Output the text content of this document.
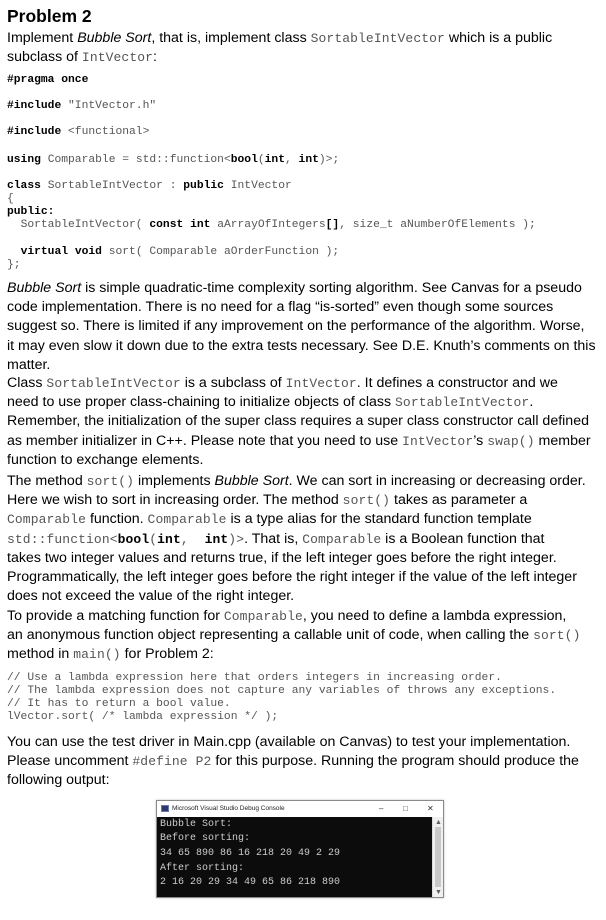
Problem 2
Implement Bubble Sort, that is, implement class SortableIntVector which is a public
subclass of IntVector:
#pragma once
#include "IntVector.h"
#include <functional>
using Comparable = std::function<bool(int, int)>;
class SortableIntVector : public IntVector
{
public:
SortableIntVector( const int aArrayOfIntegers[], size_t aNumberOfElements );
virtual void sort( Comparable aOrderFunction );
};
Bubble Sort is simple quadratic-time complexity sorting algorithm. See Canvas for a pseudo
code implementation. There is no need for a flag “is-sorted” even though some sources
suggest so. There is limited if any improvement on the performance of the algorithm. Worse,
it may even slow it down due to the extra tests necessary. See D.E. Knuth’s comments on this
matter.
Class SortableIntVector is a subclass of IntVector. It defines a constructor and we
need to use proper class-chaining to initialize objects of class SortableIntVector.
Remember, the initialization of the super class requires a super class constructor call defined
as member initializer in C++. Please note that you need to use IntVector’s swap() member
function to exchange elements.
The method sort() implements Bubble Sort. We can sort in increasing or decreasing order.
Here we wish to sort in increasing order. The method sort() takes as parameter a
Comparable function. Comparable is a type alias for the standard function template
std::function<bool(int,  int)>. That is, Comparable is a Boolean function that
takes two integer values and returns true, if the left integer goes before the right integer.
Programmatically, the left integer goes before the right integer if the value of the left integer
does not exceed the value of the right integer.
To provide a matching function for Comparable, you need to define a lambda expression,
an anonymous function object representing a callable unit of code, when calling the sort()
method in main() for Problem 2:
// Use a lambda expression here that orders integers in increasing order.
// The lambda expression does not capture any variables of throws any exceptions.
// It has to return a bool value.
lVector.sort( /* lambda expression */ );
You can use the test driver in Main.cpp (available on Canvas) to test your implementation.
Please uncomment #define P2 for this purpose. Running the program should produce the
following output:
Microsoft Visual Studio Debug Console	– □ ✕
Bubble Sort:
Before sorting:
34 65 890 86 16 218 20 49 2 29
After sorting:
2 16 20 29 34 49 65 86 218 890
▲
▼
